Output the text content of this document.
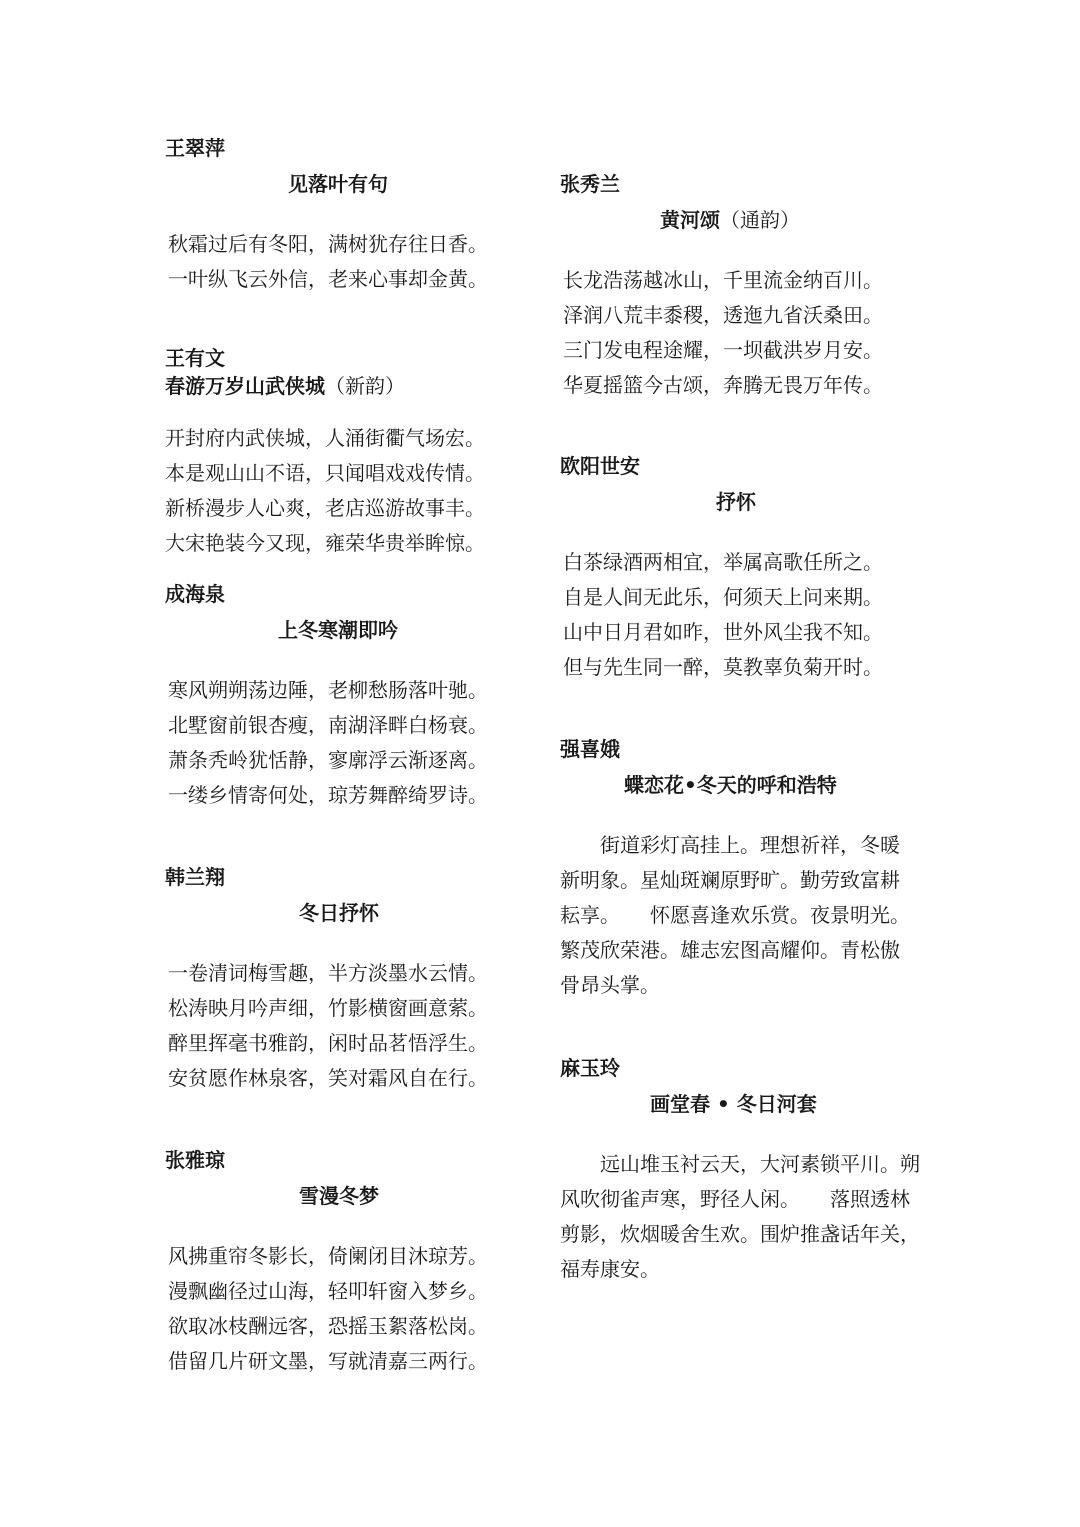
王翠萍
见落叶有句

秋霜过后有冬阳，满树犹存往日香。

一叶纵飞云外信，老来心事却金黄。

王有文
春游万岁山武侠城（新韵）

开封府内武侠城，人涌街衢气场宏。

本是观山山不语，只闻唱戏戏传情。

新桥漫步人心爽，老店巡游故事丰。

大宋艳装今又现，雍荣华贵举眸惊。

成海泉
上冬寒潮即吟

寒风朔朔荡边陲，老柳愁肠落叶驰。

北墅窗前银杏瘦，南湖泽畔白杨衰。

萧条秃岭犹恬静，寥廓浮云渐逐离。

一缕乡情寄何处，琼芳舞醉绮罗诗。

韩兰翔
冬日抒怀

一卷清词梅雪趣，半方淡墨水云情。

松涛映月吟声细，竹影横窗画意萦。

醉里挥毫书雅韵，闲时品茗悟浮生。

安贫愿作林泉客，笑对霜风自在行。

张雅琼
雪漫冬梦

风拂重帘冬影长，倚阑闭目沐琼芳。

漫飘幽径过山海，轻叩轩窗入梦乡。

欲取冰枝酬远客，恐摇玉絮落松岗。

借留几片研文墨，写就清嘉三两行。

张秀兰
黄河颂（通韵）

长龙浩荡越冰山，千里流金纳百川。

泽润八荒丰黍稷，透迤九省沃桑田。

三门发电程途耀，一坝截洪岁月安。

华夏摇篮今古颂，奔腾无畏万年传。

欧阳世安
抒怀

白茶绿酒两相宜，举属高歌任所之。

自是人间无此乐，何须天上问来期。

山中日月君如昨，世外风尘我不知。

但与先生同一醉，莫教辜负菊开时。

强喜娥
蝶恋花•冬天的呼和浩特
　　街道彩灯高挂上。理想祈祥，冬暖新明象。星灿斑斓原野旷。勤劳致富耕耘享。　　怀愿喜逢欢乐赏。夜景明光。繁茂欣荣港。雄志宏图高耀仰。青松傲骨昂头掌。
麻玉玲
画堂春 • 冬日河套
　　远山堆玉衬云天，大河素锁平川。朔风吹彻雀声寒，野径人闲。　　落照透林剪影，炊烟暖舍生欢。围炉推盏话年关，福寿康安。
